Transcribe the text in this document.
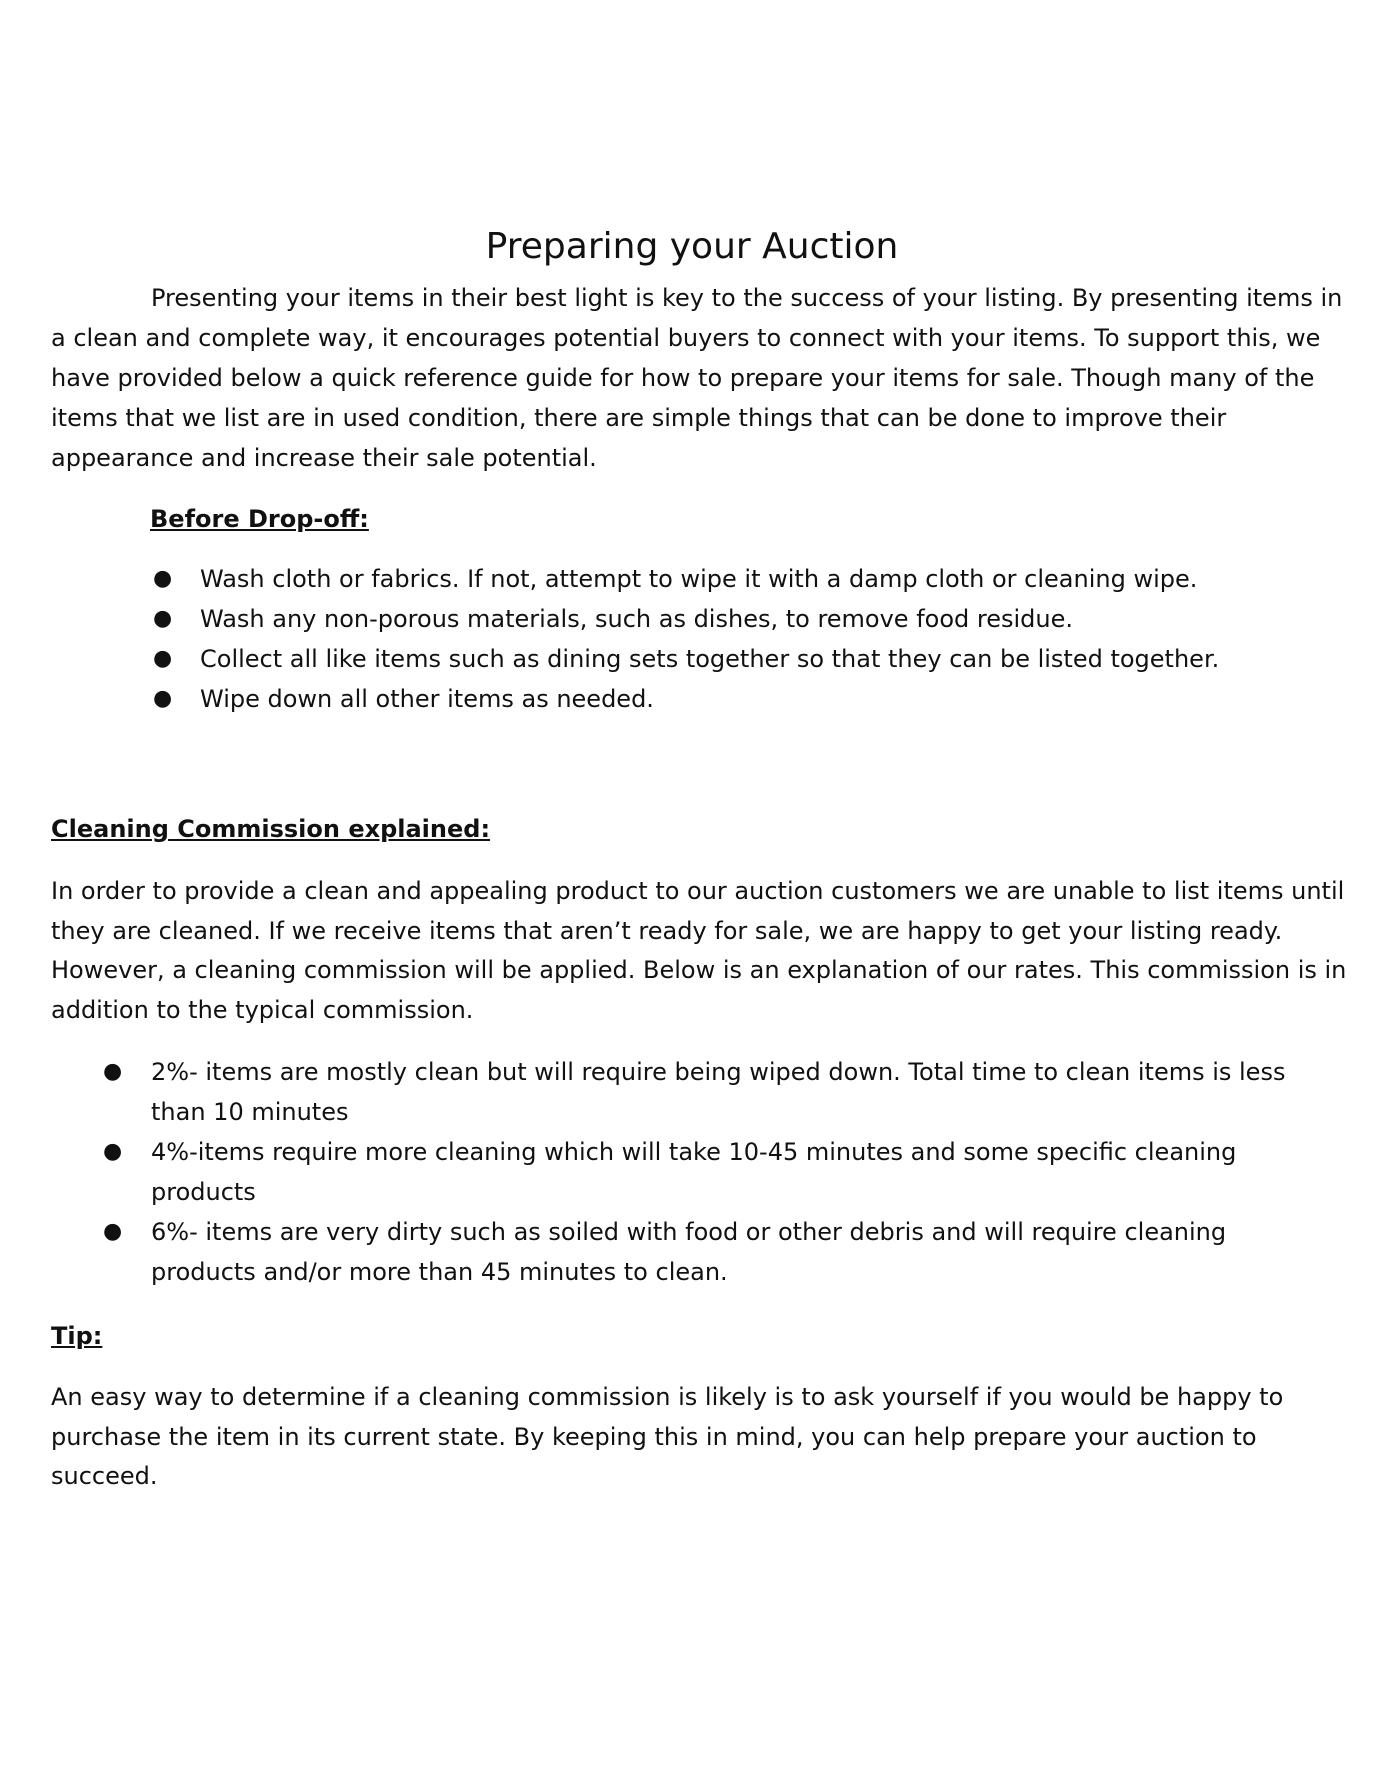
Preparing your Auction

Presenting your items in their best light is key to the success of your listing. By presenting items in a clean and complete way, it encourages potential buyers to connect with your items. To support this, we have provided below a quick reference guide for how to prepare your items for sale. Though many of the items that we list are in used condition, there are simple things that can be done to improve their appearance and increase their sale potential.

Before Drop-off:
● Wash cloth or fabrics. If not, attempt to wipe it with a damp cloth or cleaning wipe.
● Wash any non-porous materials, such as dishes, to remove food residue.
● Collect all like items such as dining sets together so that they can be listed together.
● Wipe down all other items as needed.
Cleaning Commission explained:

In order to provide a clean and appealing product to our auction customers we are unable to list items until they are cleaned. If we receive items that aren’t ready for sale, we are happy to get your listing ready. However, a cleaning commission will be applied. Below is an explanation of our rates. This commission is in addition to the typical commission.

● 2%- items are mostly clean but will require being wiped down. Total time to clean items is less than 10 minutes
● 4%-items require more cleaning which will take 10-45 minutes and some specific cleaning products
● 6%- items are very dirty such as soiled with food or other debris and will require cleaning products and/or more than 45 minutes to clean.
Tip:

An easy way to determine if a cleaning commission is likely is to ask yourself if you would be happy to purchase the item in its current state. By keeping this in mind, you can help prepare your auction to succeed.
